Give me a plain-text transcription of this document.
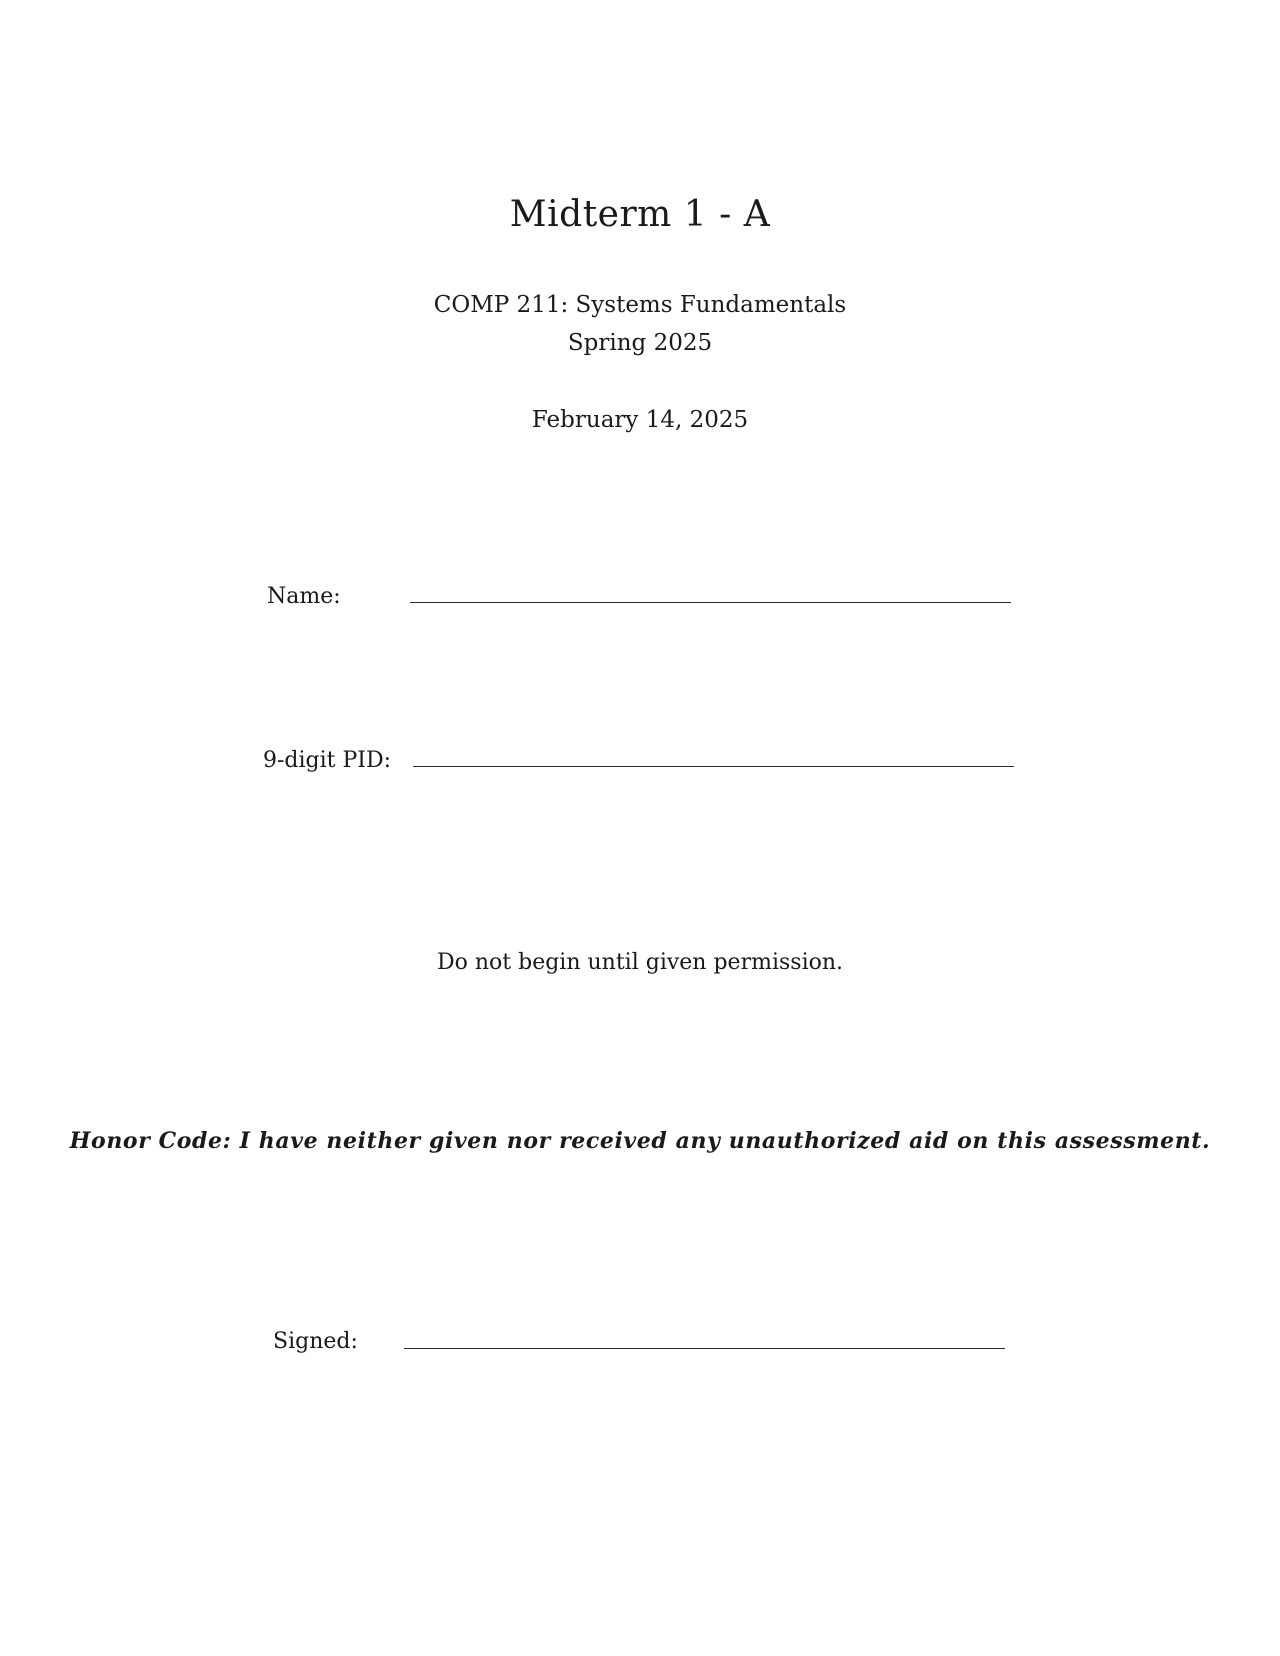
Midterm 1 - A
COMP 211: Systems Fundamentals
Spring 2025
February 14, 2025
Name:
9-digit PID:
Do not begin until given permission.
Honor Code: I have neither given nor received any unauthorized aid on this assessment.
Signed:
